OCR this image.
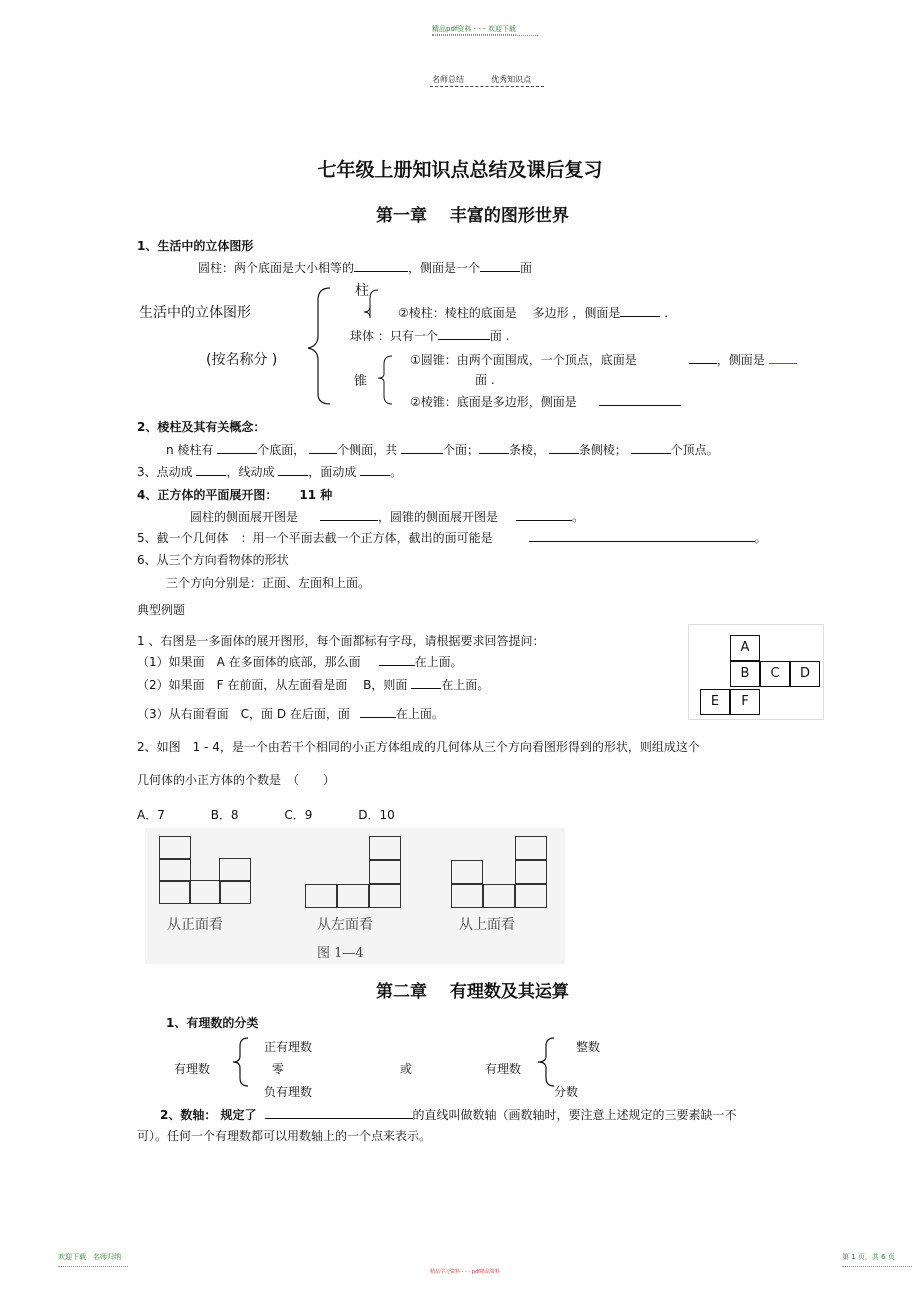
精品pdf资料 - - - 欢迎下载
名师总结	优秀知识点
七年级上册知识点总结及课后复习
第一章　 丰富的图形世界
1、生活中的立体图形
圆柱：两个底面是大小相等的	，侧面是一个	面
生活中的立体图形
(按名称分 )
柱
②棱柱：棱柱的底面是　 多边形 ，侧面是	.
球体 ：只有一个	面 .
锥
①圆锥：由两个面围成，一个顶点，底面是	，侧面是
面 .
②棱锥：底面是多边形，侧面是
2、棱柱及其有关概念：
n 棱柱有	个底面，	个侧面，共	个面；	条棱，	条侧棱；	个顶点。
3、点动成	，线动成	，面动成	。
4、正方体的平面展开图： 11 种
圆柱的侧面展开图是	，圆锥的侧面展开图是	。
5、截一个几何体　：用一个平面去截一个正方体，截出的面可能是	。
6、从三个方向看物体的形状
三个方向分别是：正面、左面和上面。
典型例题
1 、右图是一多面体的展开图形，每个面都标有字母，请根据要求回答提问：
（1）如果面　A 在多面体的底部，那么面	在上面。
（2）如果面　F 在前面，从左面看是面　 B，则面	在上面。
（3）从右面看面　C，面 D 在后面，面	在上面。
A
B	C	D
E	F
2、如图　1 - 4，是一个由若干个相同的小正方体组成的几何体从三个方向看图形得到的形状，则组成这个
几何体的小正方体的个数是　（　　）
A．7	B．8	C．9	D．10
从正面看	从左面看	从上面看
图 1—4
第二章　 有理数及其运算
1、有理数的分类
有理数
正有理数
零
负有理数
或	有理数
整数
分数
2、数轴： 规定了	的直线叫做数轴（画数轴时，要注意上述规定的三要素缺一不
可）。任何一个有理数都可以用数轴上的一个点来表示。
欢迎下载　名师归纳
精品学习资料 - - - pdf精品资料
第 1 页，共 6 页
